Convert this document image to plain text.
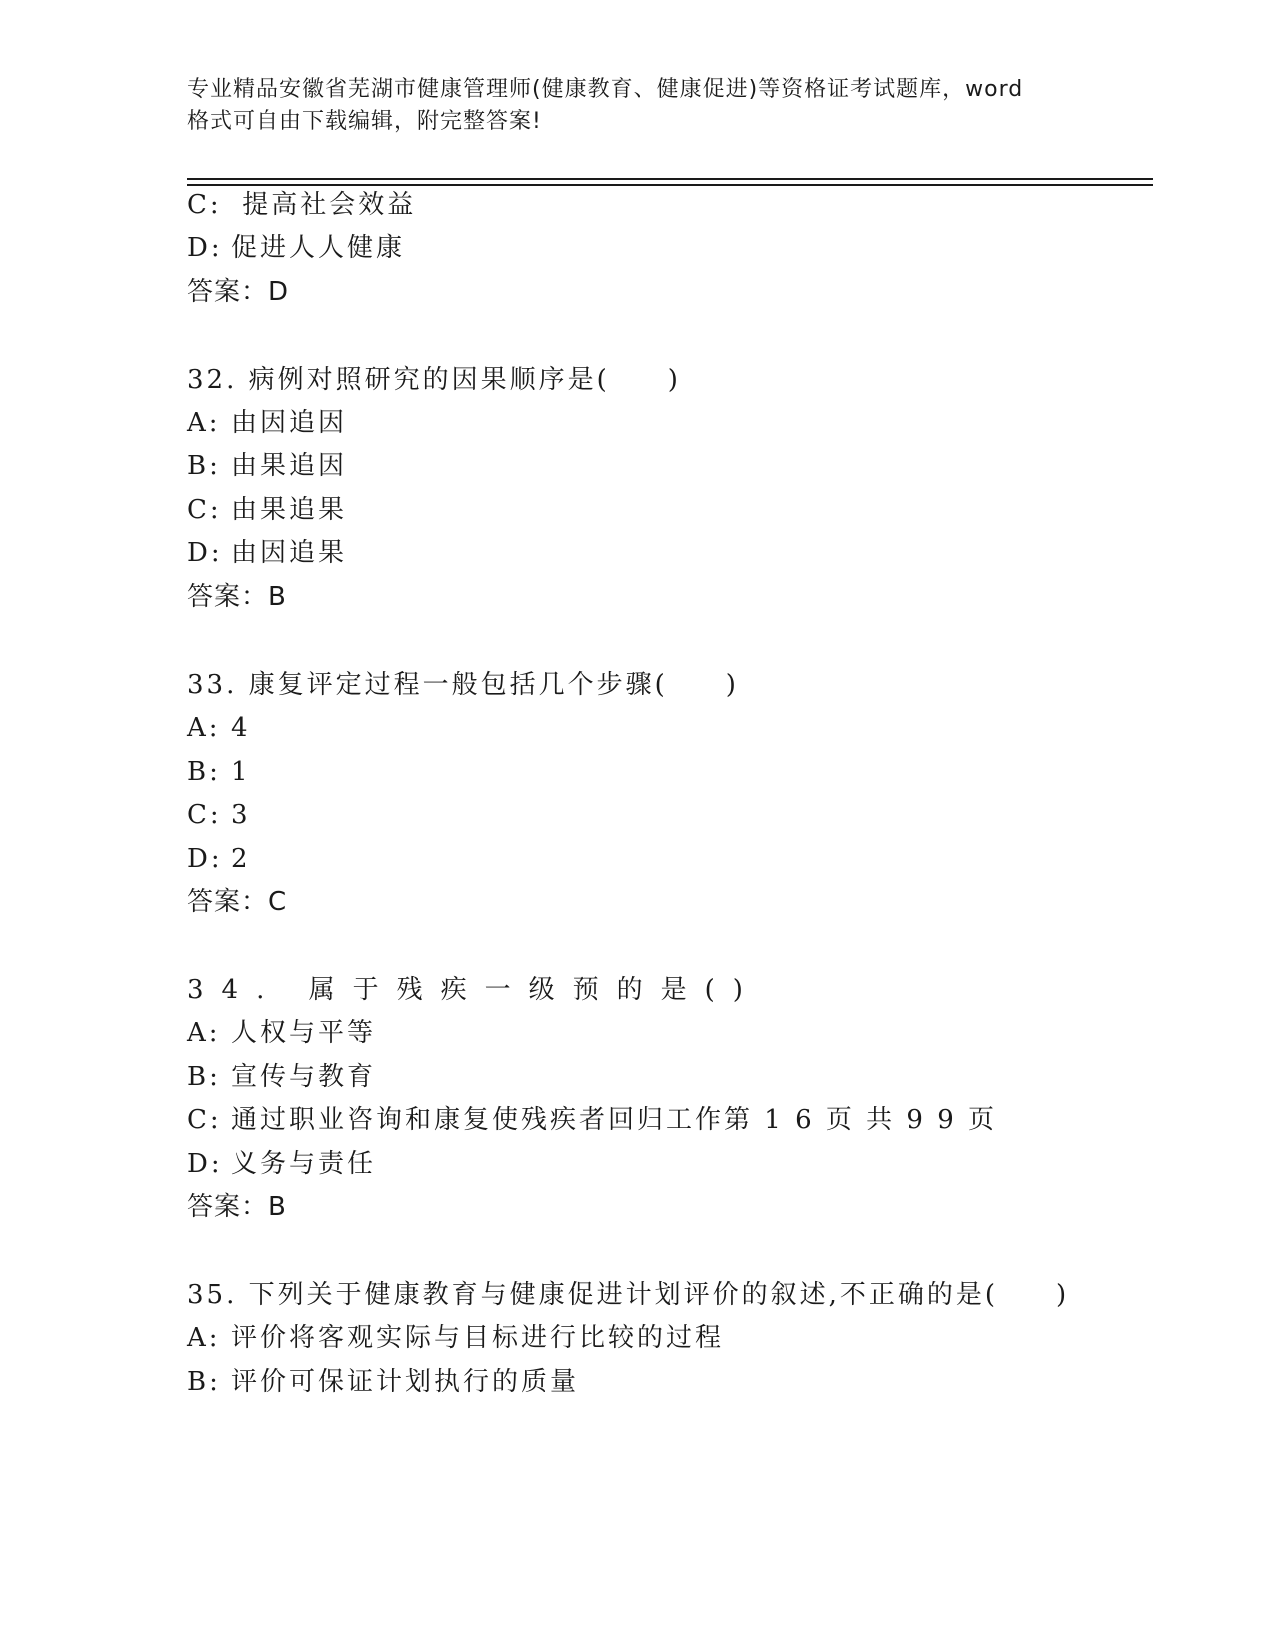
专业精品安徽省芜湖市健康管理师(健康教育、健康促进)等资格证考试题库，word
格式可自由下载编辑，附完整答案!
C: 提高社会效益
D: 促进人人健康
答案：D
32. 病例对照研究的因果顺序是(　　)
A: 由因追因
B: 由果追因
C: 由果追果
D: 由因追果
答案：B
33. 康复评定过程一般包括几个步骤(　　)
A: 4
B: 1
C: 3
D: 2
答案：C
34. 属于残疾一级预的是()
A: 人权与平等
B: 宣传与教育
C: 通过职业咨询和康复使残疾者回归工作第 1 6 页 共 9 9 页
D: 义务与责任
答案：B
35. 下列关于健康教育与健康促进计划评价的叙述,不正确的是(　　)
A: 评价将客观实际与目标进行比较的过程
B: 评价可保证计划执行的质量
